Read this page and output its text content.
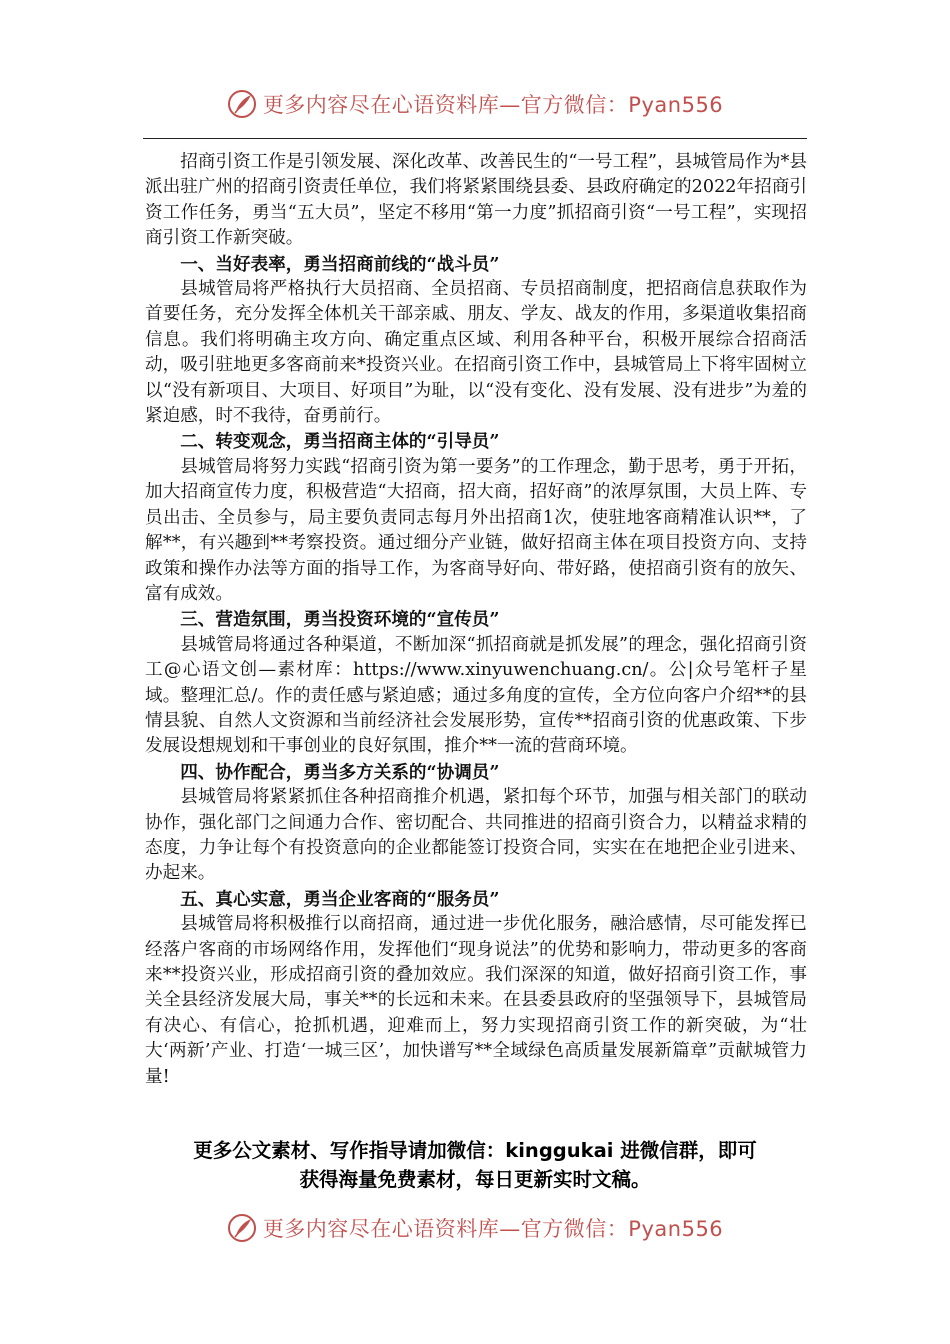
更多内容尽在心语资料库—官方微信：Pyan556

招商引资工作是引领发展、深化改革、改善民生的“一号工程”，县城管局作为*县派出驻广州的招商引资责任单位，我们将紧紧围绕县委、县政府确定的2022年招商引资工作任务，勇当“五大员”，坚定不移用“第一力度”抓招商引资“一号工程”，实现招商引资工作新突破。

一、当好表率，勇当招商前线的“战斗员”

县城管局将严格执行大员招商、全员招商、专员招商制度，把招商信息获取作为首要任务，充分发挥全体机关干部亲戚、朋友、学友、战友的作用，多渠道收集招商信息。我们将明确主攻方向、确定重点区域、利用各种平台，积极开展综合招商活动，吸引驻地更多客商前来*投资兴业。在招商引资工作中，县城管局上下将牢固树立以“没有新项目、大项目、好项目”为耻，以“没有变化、没有发展、没有进步”为羞的紧迫感，时不我待，奋勇前行。

二、转变观念，勇当招商主体的“引导员”

县城管局将努力实践“招商引资为第一要务”的工作理念，勤于思考，勇于开拓，加大招商宣传力度，积极营造“大招商，招大商，招好商”的浓厚氛围，大员上阵、专员出击、全员参与，局主要负责同志每月外出招商1次，使驻地客商精准认识**，了解**，有兴趣到**考察投资。通过细分产业链，做好招商主体在项目投资方向、支持政策和操作办法等方面的指导工作，为客商导好向、带好路，使招商引资有的放矢、富有成效。

三、营造氛围，勇当投资环境的“宣传员”

县城管局将通过各种渠道，不断加深“抓招商就是抓发展”的理念，强化招商引资工@心语文创—素材库：https://www.xinyuwenchuang.cn/。公|众号笔杆子星域。整理汇总/。作的责任感与紧迫感；通过多角度的宣传，全方位向客户介绍**的县情县貌、自然人文资源和当前经济社会发展形势，宣传**招商引资的优惠政策、下步发展设想规划和干事创业的良好氛围，推介**一流的营商环境。

四、协作配合，勇当多方关系的“协调员”

县城管局将紧紧抓住各种招商推介机遇，紧扣每个环节，加强与相关部门的联动协作，强化部门之间通力合作、密切配合、共同推进的招商引资合力，以精益求精的态度，力争让每个有投资意向的企业都能签订投资合同，实实在在地把企业引进来、办起来。

五、真心实意，勇当企业客商的“服务员”

县城管局将积极推行以商招商，通过进一步优化服务，融洽感情，尽可能发挥已经落户客商的市场网络作用，发挥他们“现身说法”的优势和影响力，带动更多的客商来**投资兴业，形成招商引资的叠加效应。我们深深的知道，做好招商引资工作，事关全县经济发展大局，事关**的长远和未来。在县委县政府的坚强领导下，县城管局有决心、有信心，抢抓机遇，迎难而上，努力实现招商引资工作的新突破，为“壮大‘两新’产业、打造‘一城三区’，加快谱写**全域绿色高质量发展新篇章”贡献城管力量!

更多公文素材、写作指导请加微信：kinggukai 进微信群，即可
获得海量免费素材，每日更新实时文稿。
更多内容尽在心语资料库—官方微信：Pyan556
